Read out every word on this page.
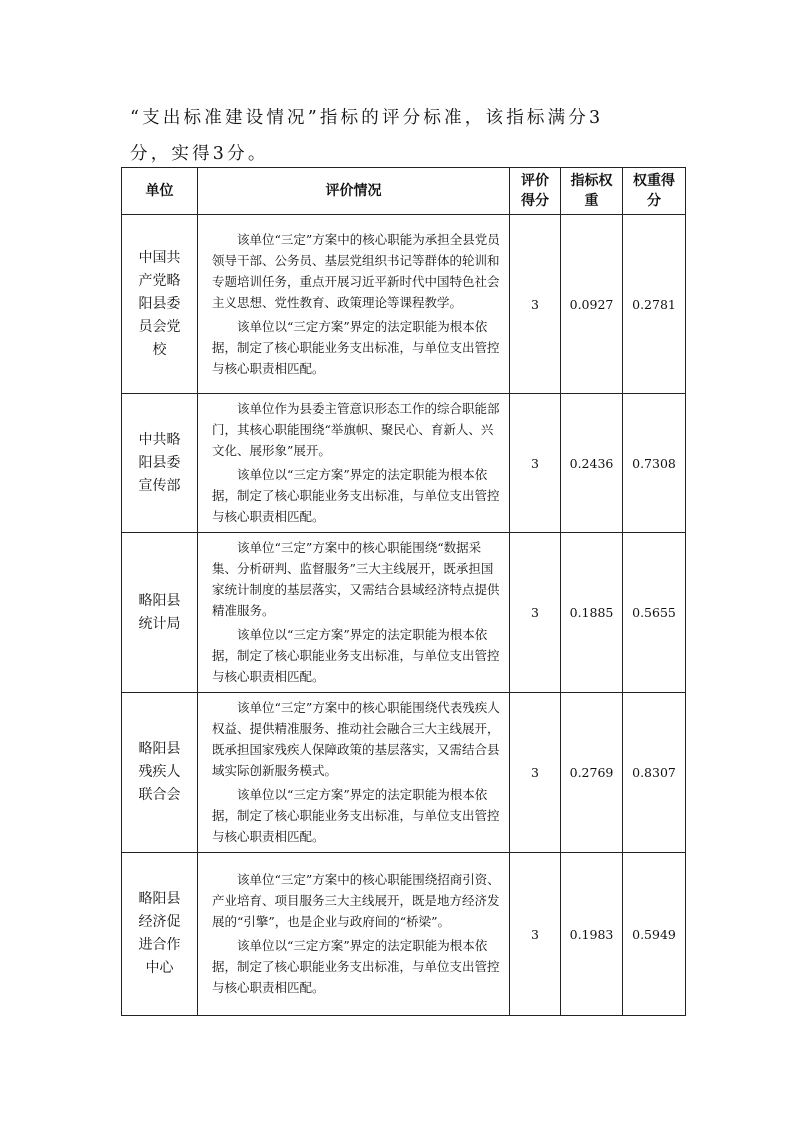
“支出标准建设情况”指标的评分标准，该指标满分3

分，实得3分。

单位	评价情况	评价得分	指标权重	权重得分
中国共产党略阳县委员会党校	该单位“三定”方案中的核心职能为承担全县党员领导干部、公务员、基层党组织书记等群体的轮训和专题培训任务，重点开展习近平新时代中国特色社会主义思想、党性教育、政策理论等课程教学。

该单位以“三定方案”界定的法定职能为根本依据，制定了核心职能业务支出标准，与单位支出管控与核心职责相匹配。	3	0.0927	0.2781
中共略阳县委宣传部	该单位作为县委主管意识形态工作的综合职能部门，其核心职能围绕“举旗帜、聚民心、育新人、兴文化、展形象”展开。

该单位以“三定方案”界定的法定职能为根本依据，制定了核心职能业务支出标准，与单位支出管控与核心职责相匹配。	3	0.2436	0.7308
略阳县统计局	该单位“三定”方案中的核心职能围绕“数据采集、分析研判、监督服务”三大主线展开，既承担国家统计制度的基层落实，又需结合县域经济特点提供精准服务。

该单位以“三定方案”界定的法定职能为根本依据，制定了核心职能业务支出标准，与单位支出管控与核心职责相匹配。	3	0.1885	0.5655
略阳县残疾人联合会	该单位“三定”方案中的核心职能围绕代表残疾人权益、提供精准服务、推动社会融合三大主线展开，既承担国家残疾人保障政策的基层落实，又需结合县域实际创新服务模式。

该单位以“三定方案”界定的法定职能为根本依据，制定了核心职能业务支出标准，与单位支出管控与核心职责相匹配。	3	0.2769	0.8307
略阳县经济促进合作中心	该单位“三定”方案中的核心职能围绕招商引资、产业培育、项目服务三大主线展开，既是地方经济发展的“引擎”，也是企业与政府间的“桥梁”。

该单位以“三定方案”界定的法定职能为根本依据，制定了核心职能业务支出标准，与单位支出管控与核心职责相匹配。	3	0.1983	0.5949
